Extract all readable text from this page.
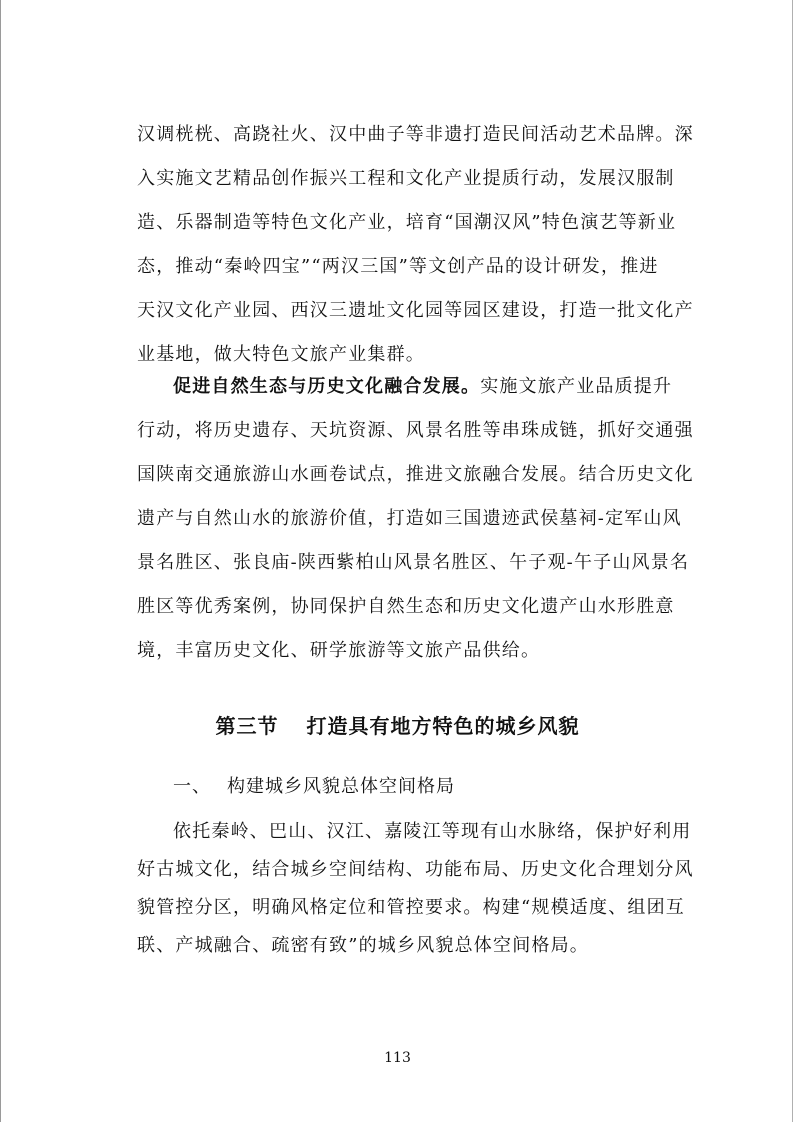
汉调桄桄、高跷社火、汉中曲子等非遗打造民间活动艺术品牌。深
入实施文艺精品创作振兴工程和文化产业提质行动，发展汉服制
造、乐器制造等特色文化产业，培育“国潮汉风”特色演艺等新业
态，推动“秦岭四宝”“两汉三国”等文创产品的设计研发，推进
天汉文化产业园、西汉三遗址文化园等园区建设，打造一批文化产
业基地，做大特色文旅产业集群。
促进自然生态与历史文化融合发展。实施文旅产业品质提升
行动，将历史遗存、天坑资源、风景名胜等串珠成链，抓好交通强
国陕南交通旅游山水画卷试点，推进文旅融合发展。结合历史文化
遗产与自然山水的旅游价值，打造如三国遗迹武侯墓祠-定军山风
景名胜区、张良庙-陕西紫柏山风景名胜区、午子观-午子山风景名
胜区等优秀案例，协同保护自然生态和历史文化遗产山水形胜意
境，丰富历史文化、研学旅游等文旅产品供给。
第三节 打造具有地方特色的城乡风貌
一、 构建城乡风貌总体空间格局
依托秦岭、巴山、汉江、嘉陵江等现有山水脉络，保护好利用
好古城文化，结合城乡空间结构、功能布局、历史文化合理划分风
貌管控分区，明确风格定位和管控要求。构建“规模适度、组团互
联、产城融合、疏密有致”的城乡风貌总体空间格局。
113
